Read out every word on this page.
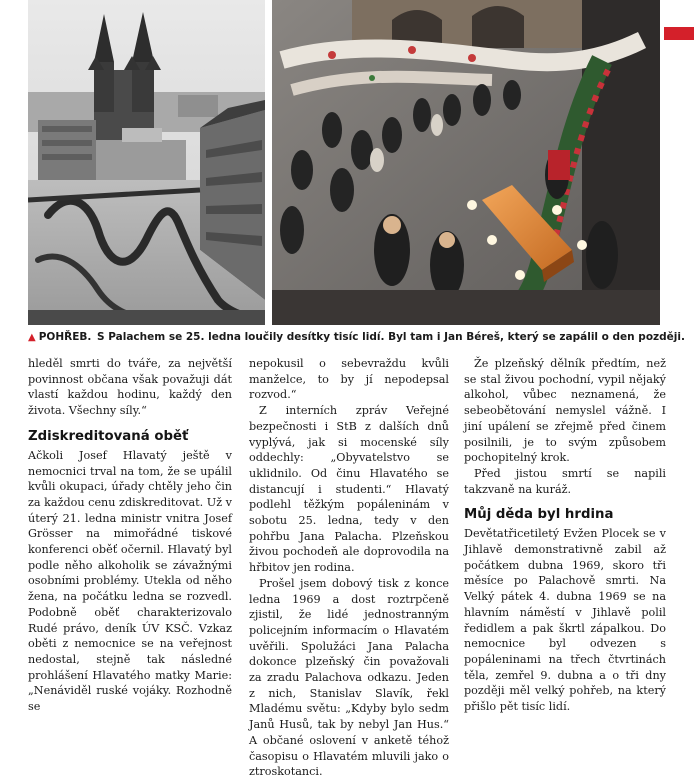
▲ POHŘEB. S Palachem se 25. ledna loučily desítky tisíc lidí. Byl tam i Jan Béreš, který se zapálil o den později.

hleděl smrti do tváře, za největší povinnost občana však považuji dát vlastí každou hodinu, každý den života. Všechny síly.“

Zdiskreditovaná oběť

Ačkoli Josef Hlavatý ještě v nemocnici trval na tom, že se upálil kvůli okupaci, úřady chtěly jeho čin za každou cenu zdiskreditovat. Už v úterý 21. ledna ministr vnitra Josef Grösser na mimořádné tiskové konferenci oběť očernil. Hlavatý byl podle něho alkoholik se závažnými osobními problémy. Utekla od něho žena, na počátku ledna se rozvedl. Podobně oběť charakterizovalo Rudé právo, deník ÚV KSČ. Vzkaz oběti z nemocnice se na veřejnost nedostal, stejně tak následné prohlášení Hlavatého matky Marie: „Nenáviděl ruské vojáky. Rozhodně se

nepokusil o sebevraždu kvůli manželce, to by jí nepodepsal rozvod.“

Z interních zpráv Veřejné bezpečnosti i StB z dalších dnů vyplývá, jak si mocenské síly oddechly: „Obyvatelstvo se uklidnilo. Od činu Hlavatého se distancují i studenti.“ Hlavatý podlehl těžkým popáleninám v sobotu 25. ledna, tedy v den pohřbu Jana Palacha. Plzeňskou živou pochodeň ale doprovodila na hřbitov jen rodina.

Prošel jsem dobový tisk z konce ledna 1969 a dost roztrpčeně zjistil, že lidé jednostranným policejním informacím o Hlavatém uvěřili. Spolužáci Jana Palacha dokonce plzeňský čin považovali za zradu Palachova odkazu. Jeden z nich, Stanislav Slavík, řekl Mladému světu: „Kdyby bylo sedm Janů Husů, tak by nebyl Jan Hus.“ A občané oslovení v anketě téhož časopisu o Hlavatém mluvili jako o ztroskotanci.

Že plzeňský dělník předtím, než se stal živou pochodní, vypil nějaký alkohol, vůbec neznamená, že sebeobětování nemyslel vážně. I jiní upálení se zřejmě před činem posilnili, je to svým způsobem pochopitelný krok.

Před jistou smrtí se napili takzvaně na kuráž.

Můj děda byl hrdina

Devětatřicetiletý Evžen Plocek se v Jihlavě demonstrativně zabil až počátkem dubna 1969, skoro tři měsíce po Palachově smrti. Na Velký pátek 4. dubna 1969 se na hlavním náměstí v Jihlavě polil ředidlem a pak škrtl zápalkou. Do nemocnice byl odvezen s popáleninami na třech čtvrtinách těla, zemřel 9. dubna a o tři dny později měl velký pohřeb, na který přišlo pět tisíc lidí.
